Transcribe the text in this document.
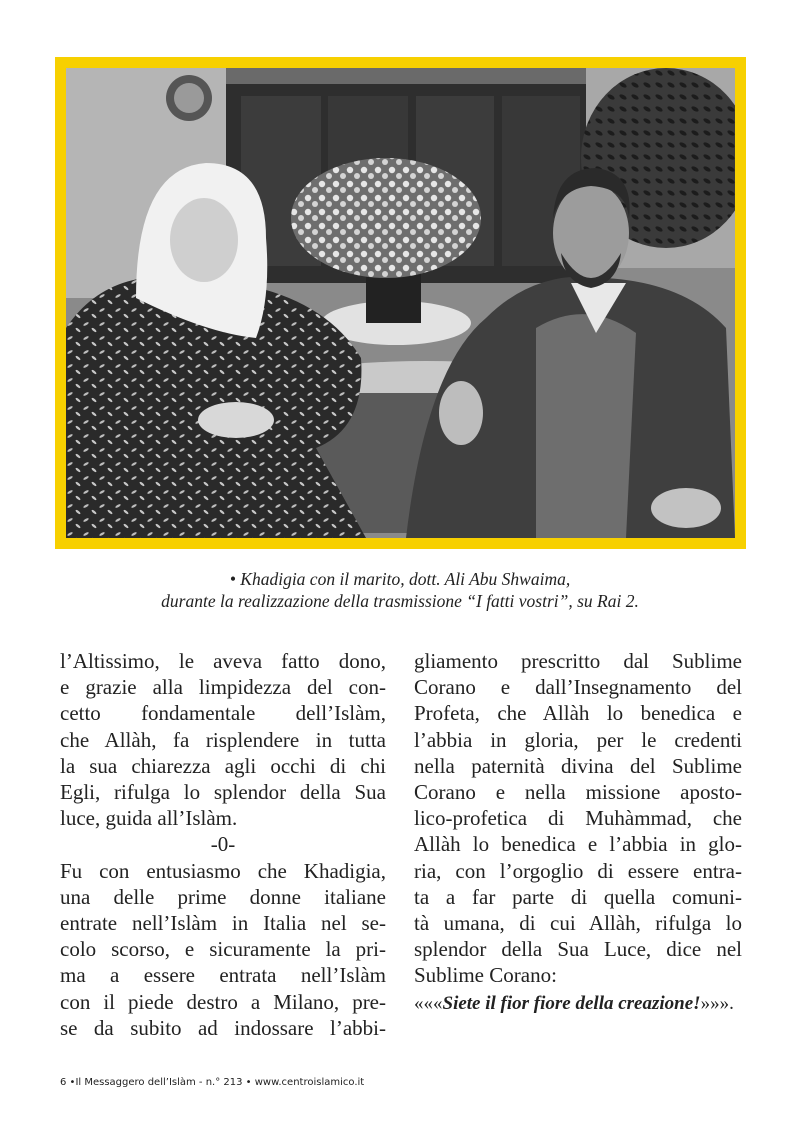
• Khadigia con il marito, dott. Ali Abu Shwaima,
durante la realizzazione della trasmissione “I fatti vostri”, su Rai 2.
l’Altissimo, le aveva fatto dono,
e grazie alla limpidezza del con-
cetto fondamentale dell’Islàm,
che Allàh, fa risplendere in tutta
la sua chiarezza agli occhi di chi
Egli, rifulga lo splendor della Sua
luce, guida all’Islàm.
-0-
Fu con entusiasmo che Khadigia,
una delle prime donne italiane
entrate nell’Islàm in Italia nel se-
colo scorso, e sicuramente la pri-
ma a essere entrata nell’Islàm
con il piede destro a Milano, pre-
se da subito ad indossare l’abbi-
gliamento prescritto dal Sublime
Corano e dall’Insegnamento del
Profeta, che Allàh lo benedica e
l’abbia in gloria, per le credenti
nella paternità divina del Sublime
Corano e nella missione aposto-
lico-profetica di Muhàmmad, che
Allàh lo benedica e l’abbia in glo-
ria, con l’orgoglio di essere entra-
ta a far parte di quella comuni-
tà umana, di cui Allàh, rifulga lo
splendor della Sua Luce, dice nel
Sublime Corano:
«««Siete il fior fiore della creazione!»»».
6 •Il Messaggero dell’Islàm - n.° 213 • www.centroislamico.it
